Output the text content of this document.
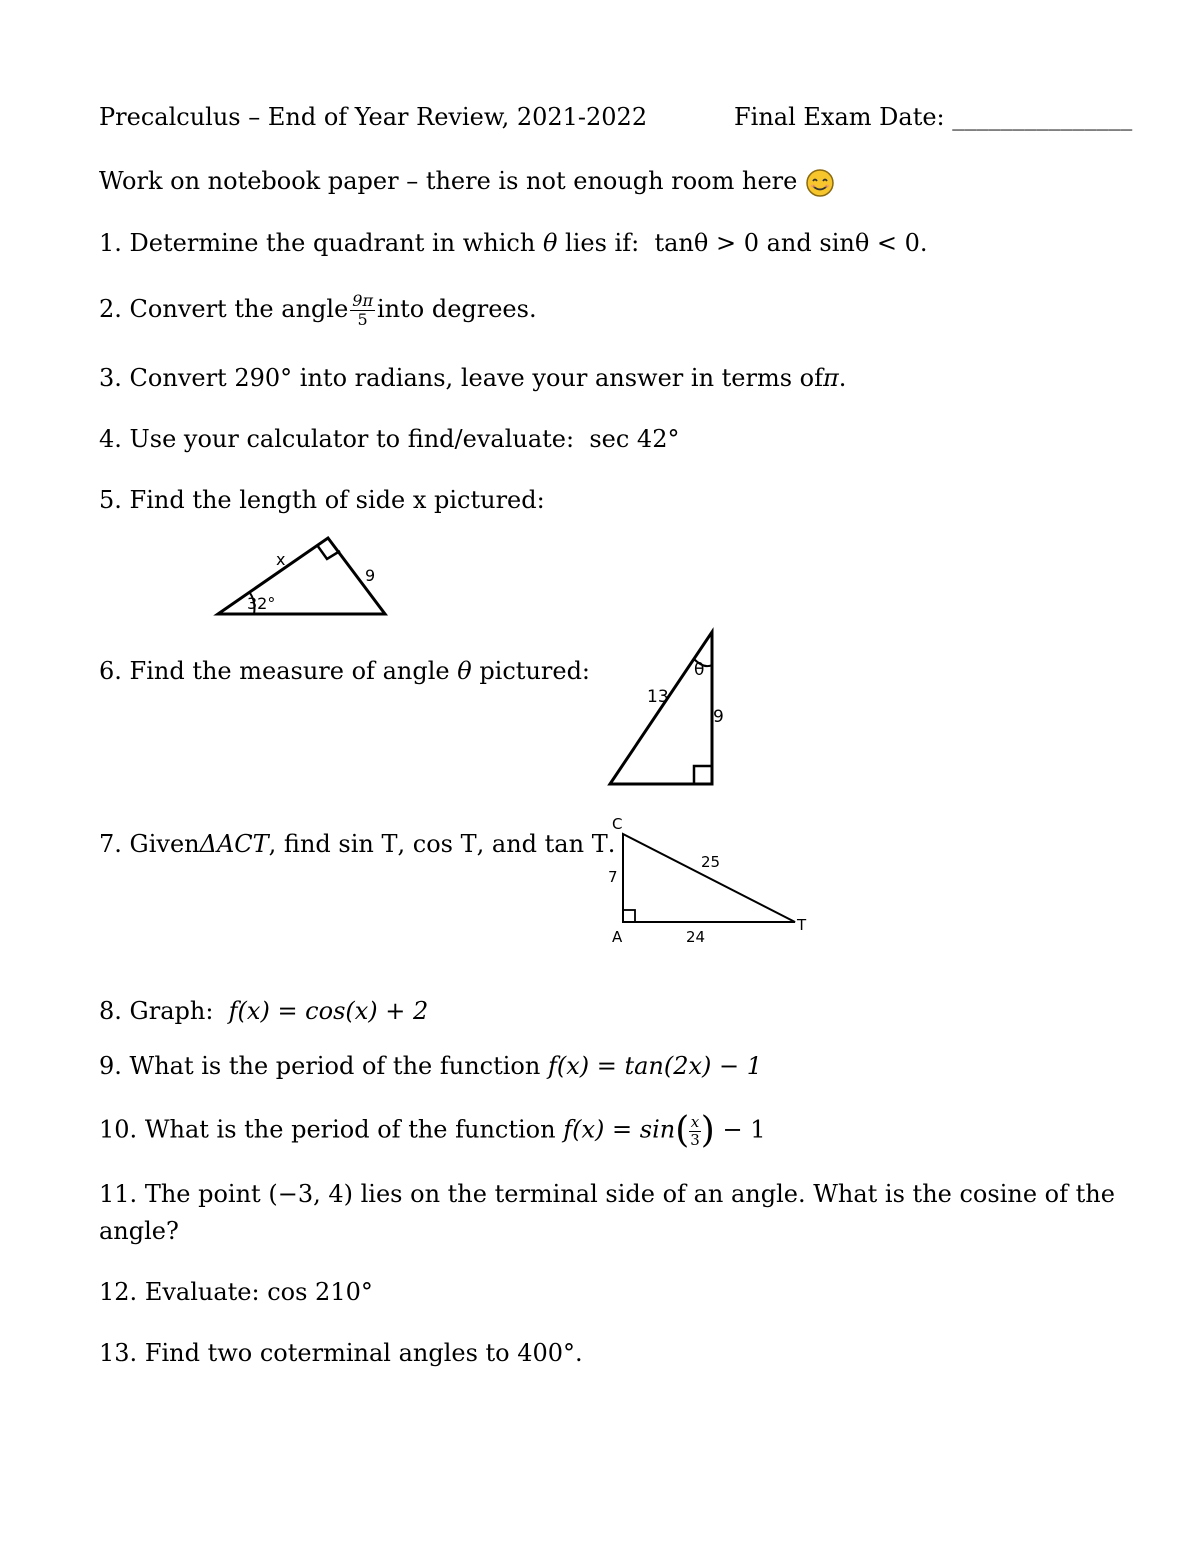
Precalculus – End of Year Review, 2021-2022	Final Exam Date: _______________
Work on notebook paper – there is not enough room here
1. Determine the quadrant in which θ lies if: tanθ > 0 and sinθ < 0.
2. Convert the angle $\frac{9\pi}{5}$ into degrees.
3. Convert 290° into radians, leave your answer in terms ofπ.
4. Use your calculator to find/evaluate: sec 42°
5. Find the length of side x pictured:
x
9
32°
6. Find the measure of angle θ pictured:
13
9
θ
7. GivenΔACT, find sin T, cos T, and tan T.
C
A
T
7
24
25
8. Graph: f(x) = cos(x) + 2
9. What is the period of the function f(x) = tan(2x) − 1
10. What is the period of the function $f(x) = \sin( \frac{x}{3}$ ) − 1
11. The point (−3, 4) lies on the terminal side of an angle. What is the cosine of the
angle?
12. Evaluate: cos 210°
13. Find two coterminal angles to 400°.
